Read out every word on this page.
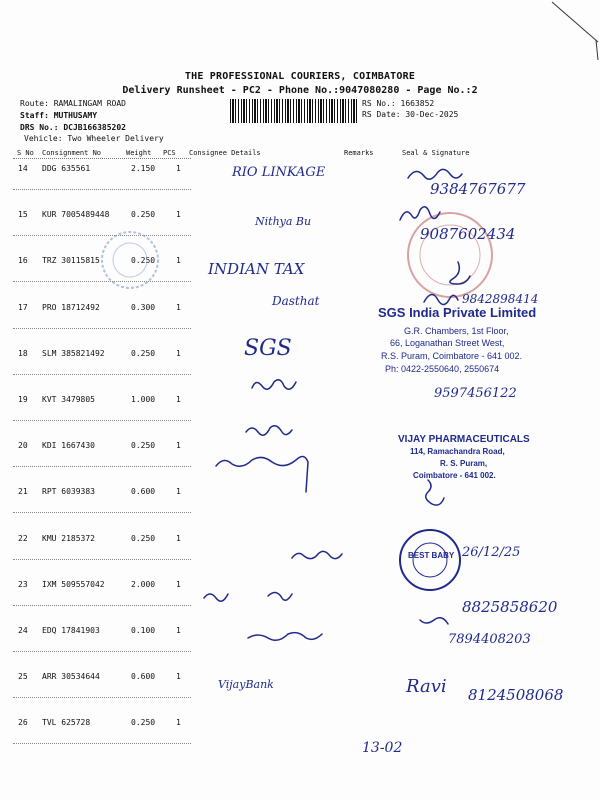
THE PROFESSIONAL COURIERS, COIMBATORE
Delivery Runsheet - PC2 - Phone No.:9047080280 - Page No.:2
Route: RAMALINGAM ROAD
Staff: MUTHUSAMY
DRS No.: DCJB166385202
Vehicle: Two Wheeler Delivery
RS No.: 1663852
RS Date: 30-Dec-2025
S No Consignment No	Weight PCS Consignee Details	Remarks	Seal & Signature
14 DDG 635561	2.150	1
15 KUR 7005489448	0.250	1
16 TRZ 30115815	0.250	1
17 PRO 18712492	0.300	1
18 SLM 385821492	0.250	1
19 KVT 3479805	1.000	1
20 KDI 1667430	0.250	1
21 RPT 6039383	0.600	1
22 KMU 2185372	0.250	1
23 IXM 509557042	2.000	1
24 EDQ 17841903	0.100	1
25 ARR 30534644	0.600	1
26 TVL 625728	0.250	1
SGS India Private Limited
G.R. Chambers, 1st Floor,
66, Loganathan Street West,
R.S. Puram, Coimbatore - 641 002.
Ph: 0422-2550640, 2550674
VIJAY PHARMACEUTICALS
114, Ramachandra Road,
R. S. Puram,
Coimbatore - 641 002.
BEST BABY
RIO LINKAGE
9384767677
Nithya Bu
9087602434
INDIAN TAX
Dasthat	9842898414
SGS
9597456122
26/12/25
8825858620
7894408203
VijayBank	Ravi 8124508068
13-02
